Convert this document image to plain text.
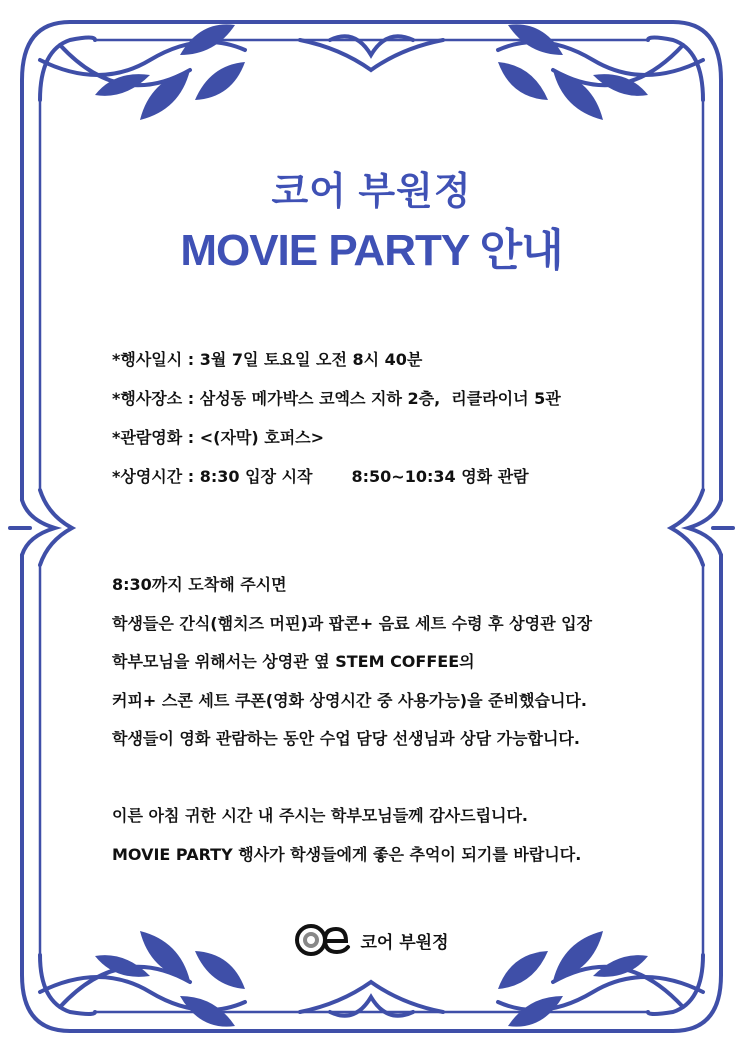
코어 부원정
MOVIE PARTY 안내
*행사일시 : 3월 7일 토요일 오전 8시 40분
*행사장소 : 삼성동 메가박스 코엑스 지하 2층,  리클라이너 5관
*관람영화 : <(자막) 호퍼스>
*상영시간 : 8:30 입장 시작       8:50~10:34 영화 관람

8:30까지 도착해 주시면

학생들은 간식(햄치즈 머핀)과 팝콘+ 음료 세트 수령 후 상영관 입장

학부모님을 위해서는 상영관 옆 STEM COFFEE의

커피+ 스콘 세트 쿠폰(영화 상영시간 중 사용가능)을 준비했습니다.

학생들이 영화 관람하는 동안 수업 담당 선생님과 상담 가능합니다.

이른 아침 귀한 시간 내 주시는 학부모님들께 감사드립니다.

MOVIE PARTY 행사가 학생들에게 좋은 추억이 되기를 바랍니다.

코어 부원정
